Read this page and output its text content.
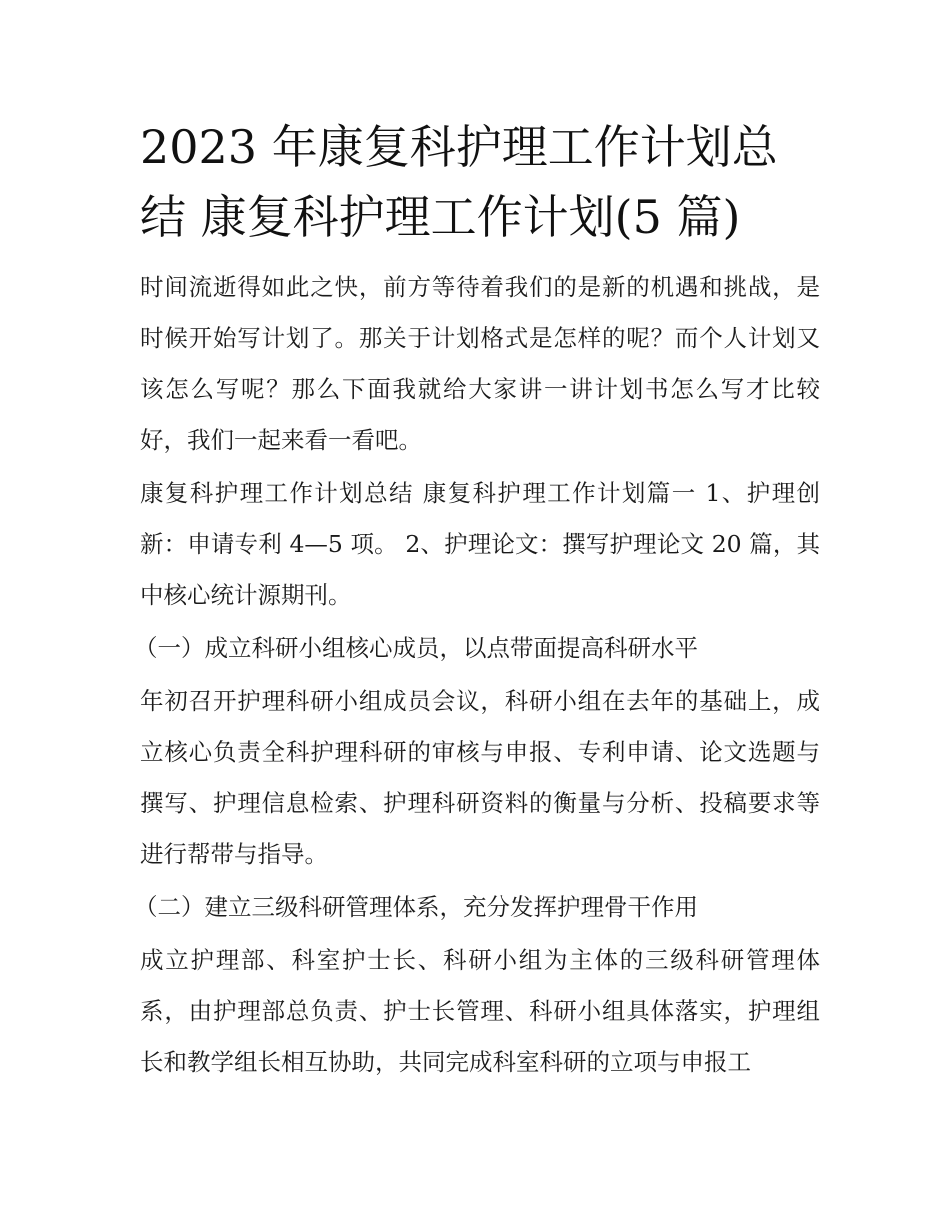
2023 年康复科护理工作计划总
结 康复科护理工作计划(5 篇)

时间流逝得如此之快，前方等待着我们的是新的机遇和挑战，是时候开始写计划了。那关于计划格式是怎样的呢？而个人计划又该怎么写呢？那么下面我就给大家讲一讲计划书怎么写才比较好，我们一起来看一看吧。

康复科护理工作计划总结 康复科护理工作计划篇一 1、护理创新：申请专利 4—5 项。 2、护理论文：撰写护理论文 20 篇，其中核心统计源期刊。

（一）成立科研小组核心成员，以点带面提高科研水平

年初召开护理科研小组成员会议，科研小组在去年的基础上，成立核心负责全科护理科研的审核与申报、专利申请、论文选题与撰写、护理信息检索、护理科研资料的衡量与分析、投稿要求等进行帮带与指导。

（二）建立三级科研管理体系，充分发挥护理骨干作用

成立护理部、科室护士长、科研小组为主体的三级科研管理体系，由护理部总负责、护士长管理、科研小组具体落实，护理组长和教学组长相互协助，共同完成科室科研的立项与申报工
